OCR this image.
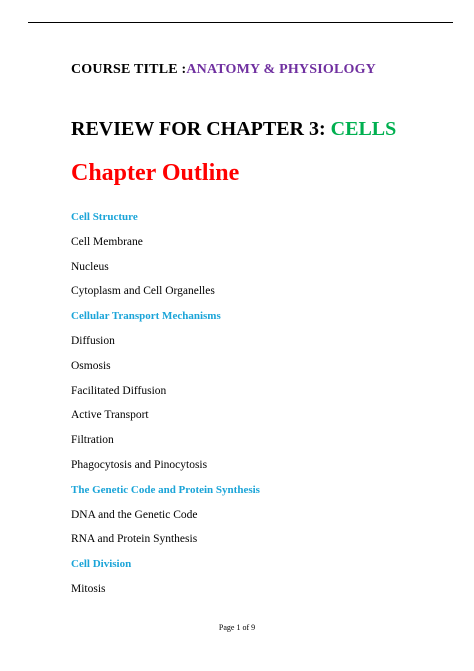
COURSE TITLE :ANATOMY & PHYSIOLOGY
REVIEW FOR CHAPTER 3: CELLS
Chapter Outline
Cell Structure
Cell Membrane
Nucleus
Cytoplasm and Cell Organelles
Cellular Transport Mechanisms
Diffusion
Osmosis
Facilitated Diffusion
Active Transport
Filtration
Phagocytosis and Pinocytosis
The Genetic Code and Protein Synthesis
DNA and the Genetic Code
RNA and Protein Synthesis
Cell Division
Mitosis
Page 1 of 9
